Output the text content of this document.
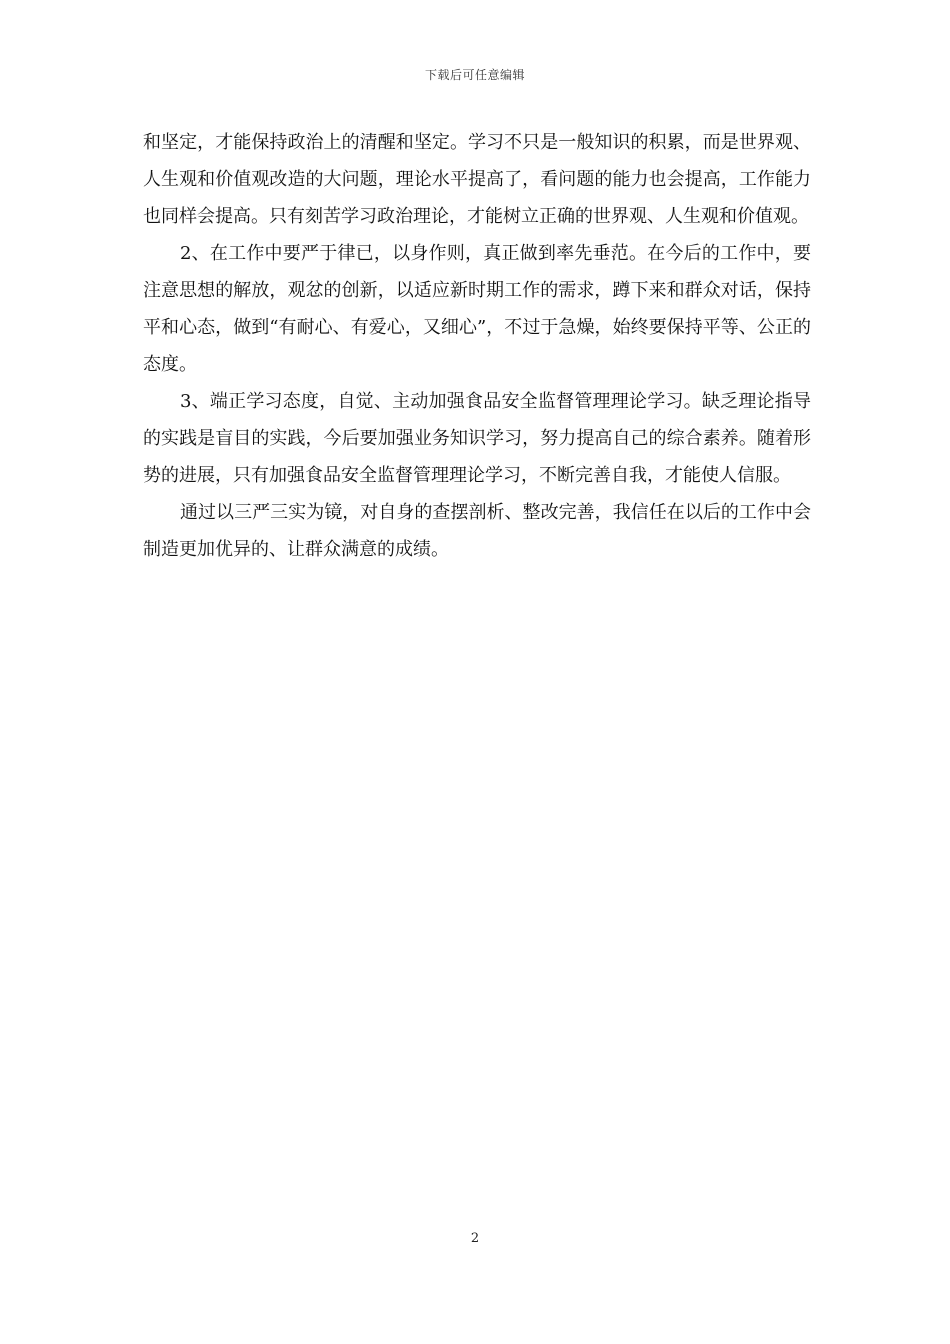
下载后可任意编辑

和坚定，才能保持政治上的清醒和坚定。学习不只是一般知识的积累，而是世界观、人生观和价值观改造的大问题，理论水平提高了，看问题的能力也会提高，工作能力也同样会提高。只有刻苦学习政治理论，才能树立正确的世界观、人生观和价值观。

2、在工作中要严于律已，以身作则，真正做到率先垂范。在今后的工作中，要注意思想的解放，观忿的创新，以适应新时期工作的需求，蹲下来和群众对话，保持平和心态，做到“有耐心、有爱心，又细心”，不过于急燥，始终要保持平等、公正的态度。

3、端正学习态度，自觉、主动加强食品安全监督管理理论学习。缺乏理论指导的实践是盲目的实践，今后要加强业务知识学习，努力提高自己的综合素养。随着形势的进展，只有加强食品安全监督管理理论学习，不断完善自我，才能使人信服。

通过以三严三实为镜，对自身的查摆剖析、整改完善，我信任在以后的工作中会制造更加优异的、让群众满意的成绩。

2
